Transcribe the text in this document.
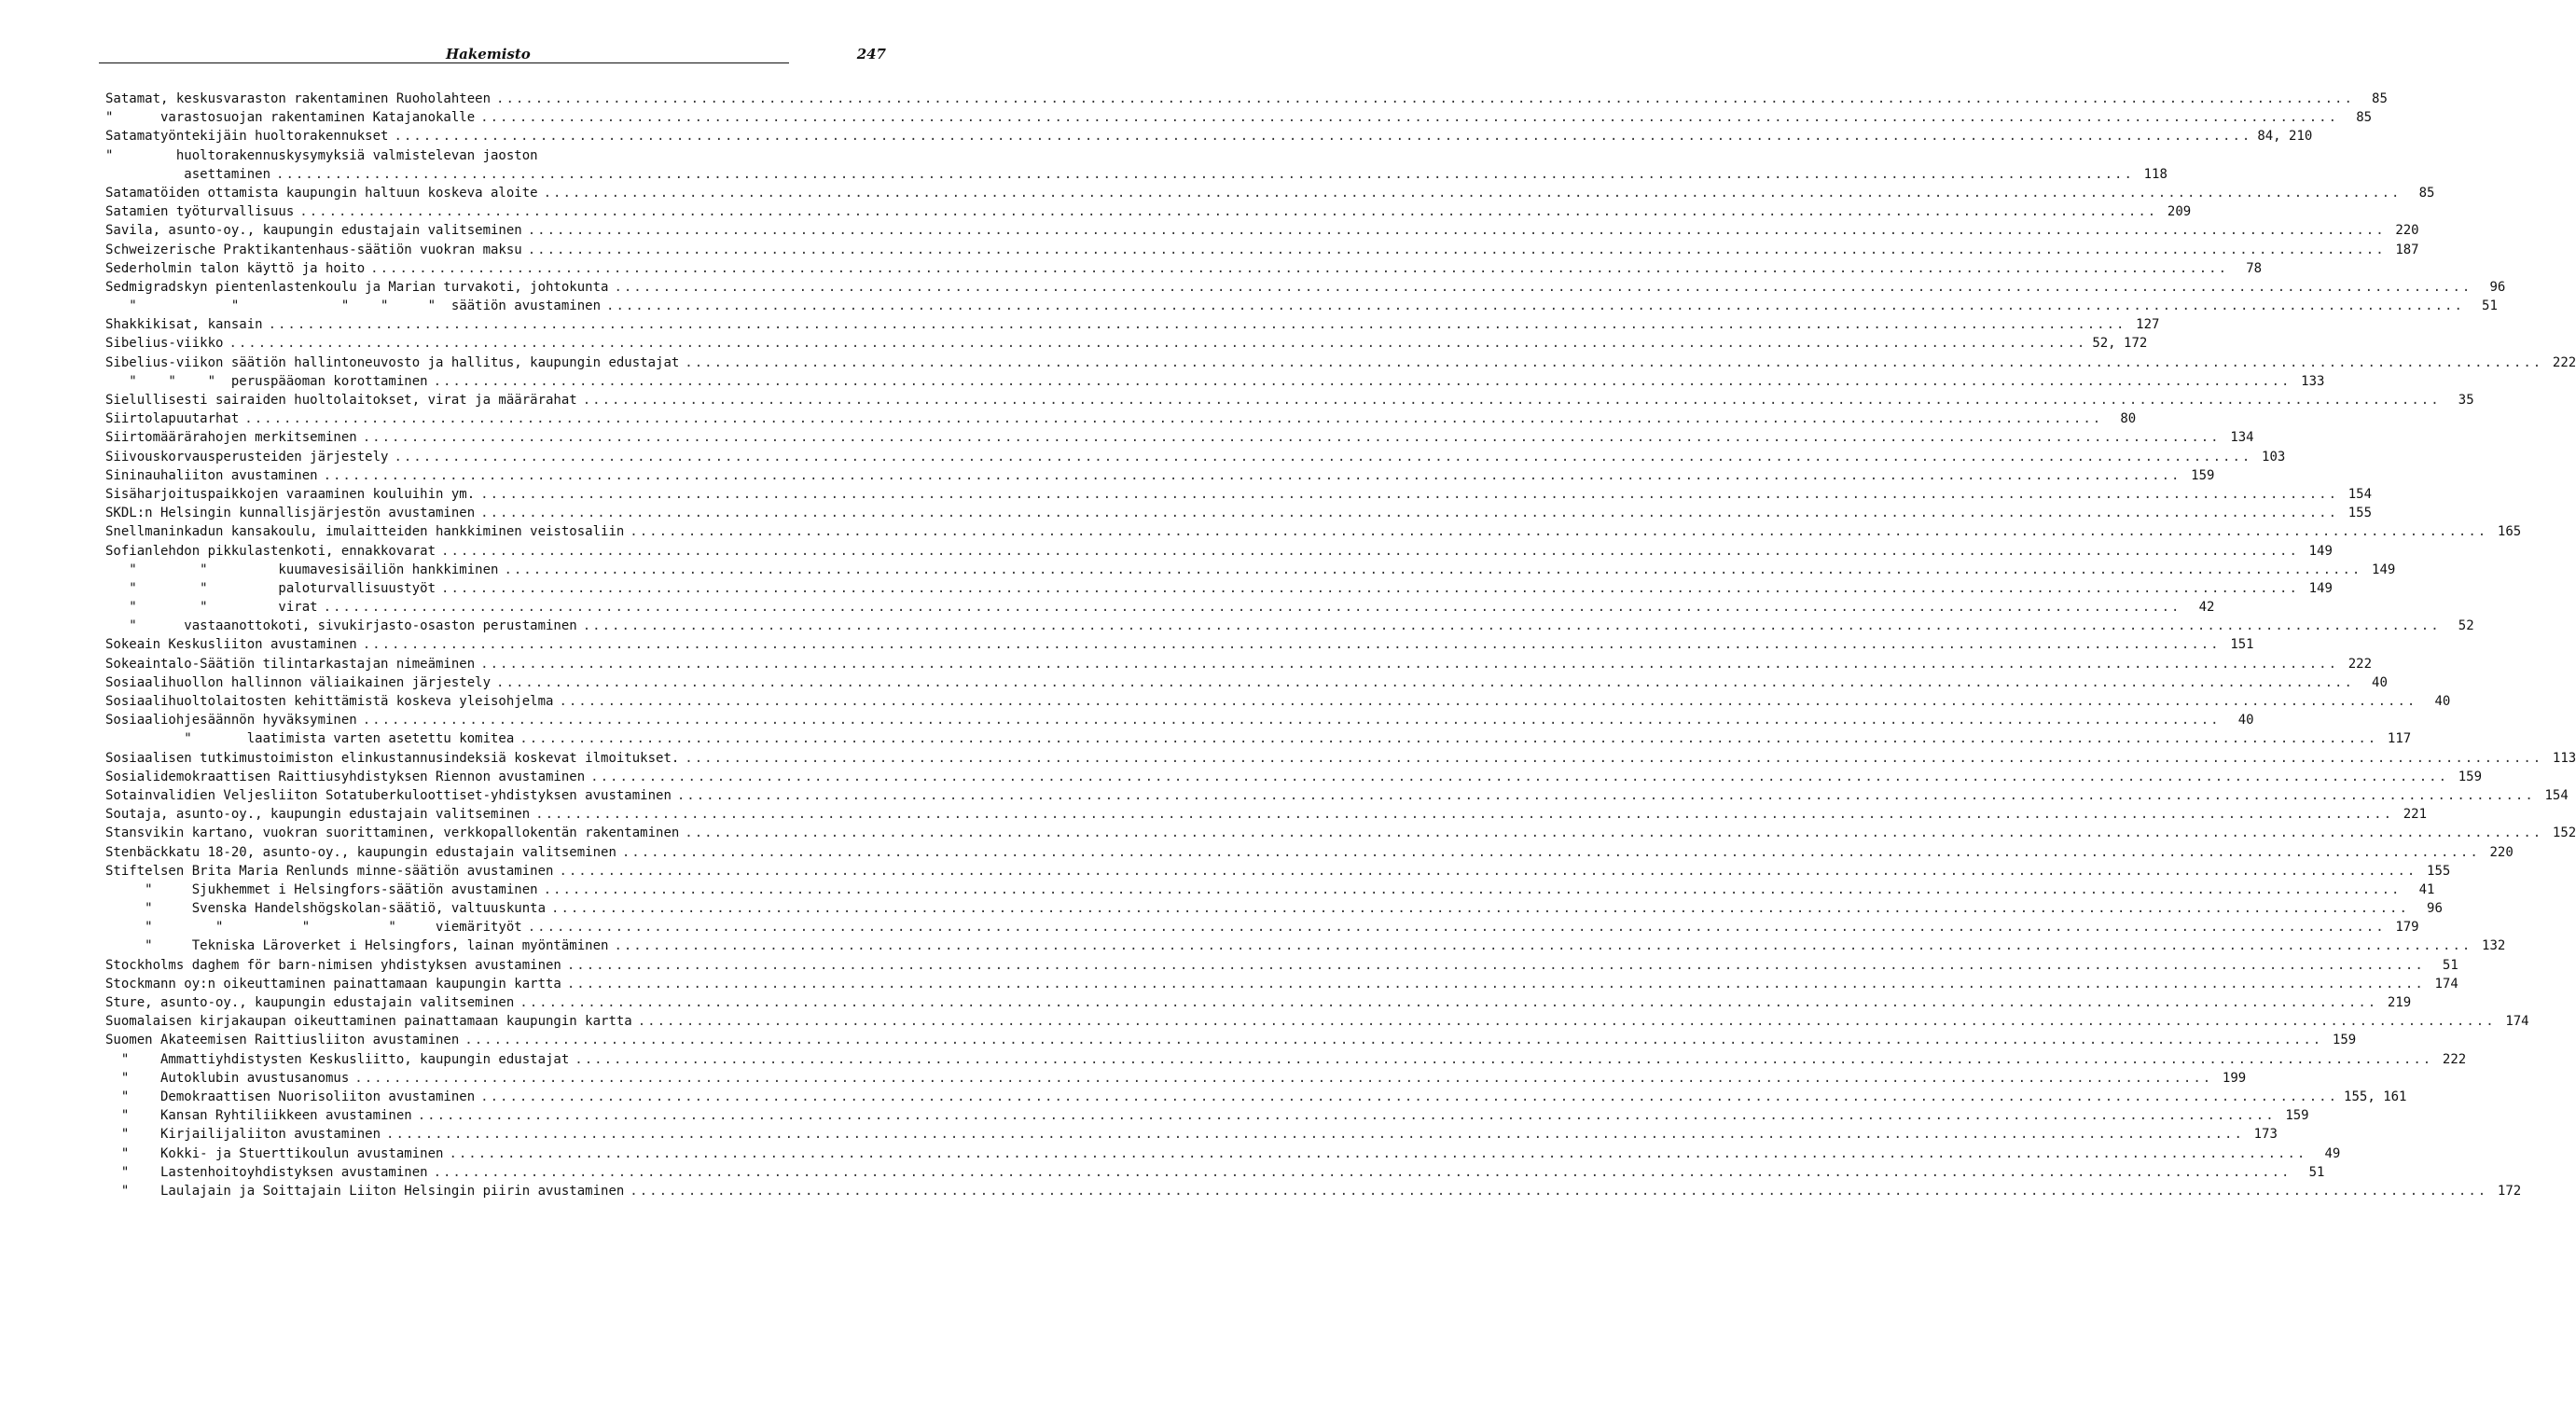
Hakemisto	247
Satamat, keskusvaraston rakentaminen Ruoholahteen .....	85
"      varastosuojan rakentaminen Katajanokalle .....	85
Satamatyöntekijäin huoltorakennukset .....	84, 210
"        huoltorakennuskysymyksiä valmistelevan jaoston
asettaminen .....	118
Satamatöiden ottamista kaupungin haltuun koskeva aloite .....	85
Satamien työturvallisuus .....	209
Savila, asunto-oy., kaupungin edustajain valitseminen .....	220
Schweizerische Praktikantenhaus-säätiön vuokran maksu .....	187
Sederholmin talon käyttö ja hoito .....	78
Sedmigradskyn pientenlastenkoulu ja Marian turvakoti, johtokunta .....	96
"            "             "    "     "  säätiön avustaminen .....	51
Shakkikisat, kansain .....	127
Sibelius-viikko .....	52, 172
Sibelius-viikon säätiön hallintoneuvosto ja hallitus, kaupungin edustajat .....	222
"    "    "  peruspääoman korottaminen .....	133
Sielullisesti sairaiden huoltolaitokset, virat ja määrärahat .....	35
Siirtolapuutarhat .....	80
Siirtomäärärahojen merkitseminen .....	134
Siivouskorvausperusteiden järjestely .....	103
Sininauhaliiton avustaminen .....	159
Sisäharjoituspaikkojen varaaminen kouluihin ym. .....	154
SKDL:n Helsingin kunnallisjärjestön avustaminen .....	155
Snellmaninkadun kansakoulu, imulaitteiden hankkiminen veistosaliin .....	165
Sofianlehdon pikkulastenkoti, ennakkovarat .....	149
"        "         kuumavesisäiliön hankkiminen .....	149
"        "         paloturvallisuustyöt .....	149
"        "         virat .....	42
"      vastaanottokoti, sivukirjasto-osaston perustaminen .....	52
Sokeain Keskusliiton avustaminen .....	151
Sokeaintalo-Säätiön tilintarkastajan nimeäminen .....	222
Sosiaalihuollon hallinnon väliaikainen järjestely .....	40
Sosiaalihuoltolaitosten kehittämistä koskeva yleisohjelma .....	40
Sosiaaliohjesäännön hyväksyminen .....	40
"       laatimista varten asetettu komitea .....	117
Sosiaalisen tutkimustoimiston elinkustannusindeksiä koskevat ilmoitukset. .....	113
Sosialidemokraattisen Raittiusyhdistyksen Riennon avustaminen .....	159
Sotainvalidien Veljesliiton Sotatuberkuloottiset-yhdistyksen avustaminen .....	154
Soutaja, asunto-oy., kaupungin edustajain valitseminen .....	221
Stansvikin kartano, vuokran suorittaminen, verkkopallokentän rakentaminen .....	152
Stenbäckkatu 18-20, asunto-oy., kaupungin edustajain valitseminen .....	220
Stiftelsen Brita Maria Renlunds minne-säätiön avustaminen .....	155
"     Sjukhemmet i Helsingfors-säätiön avustaminen .....	41
"     Svenska Handelshögskolan-säätiö, valtuuskunta .....	96
"        "          "          "     viemärityöt .....	179
"     Tekniska Läroverket i Helsingfors, lainan myöntäminen .....	132
Stockholms daghem för barn-nimisen yhdistyksen avustaminen .....	51
Stockmann oy:n oikeuttaminen painattamaan kaupungin kartta .....	174
Sture, asunto-oy., kaupungin edustajain valitseminen .....	219
Suomalaisen kirjakaupan oikeuttaminen painattamaan kaupungin kartta .....	174
Suomen Akateemisen Raittiusliiton avustaminen .....	159
"    Ammattiyhdistysten Keskusliitto, kaupungin edustajat .....	222
"    Autoklubin avustusanomus .....	199
"    Demokraattisen Nuorisoliiton avustaminen .....	155, 161
"    Kansan Ryhtiliikkeen avustaminen .....	159
"    Kirjailijaliiton avustaminen .....	173
"    Kokki- ja Stuerttikoulun avustaminen .....	49
"    Lastenhoitoyhdistyksen avustaminen .....	51
"    Laulajain ja Soittajain Liiton Helsingin piirin avustaminen .....	172
